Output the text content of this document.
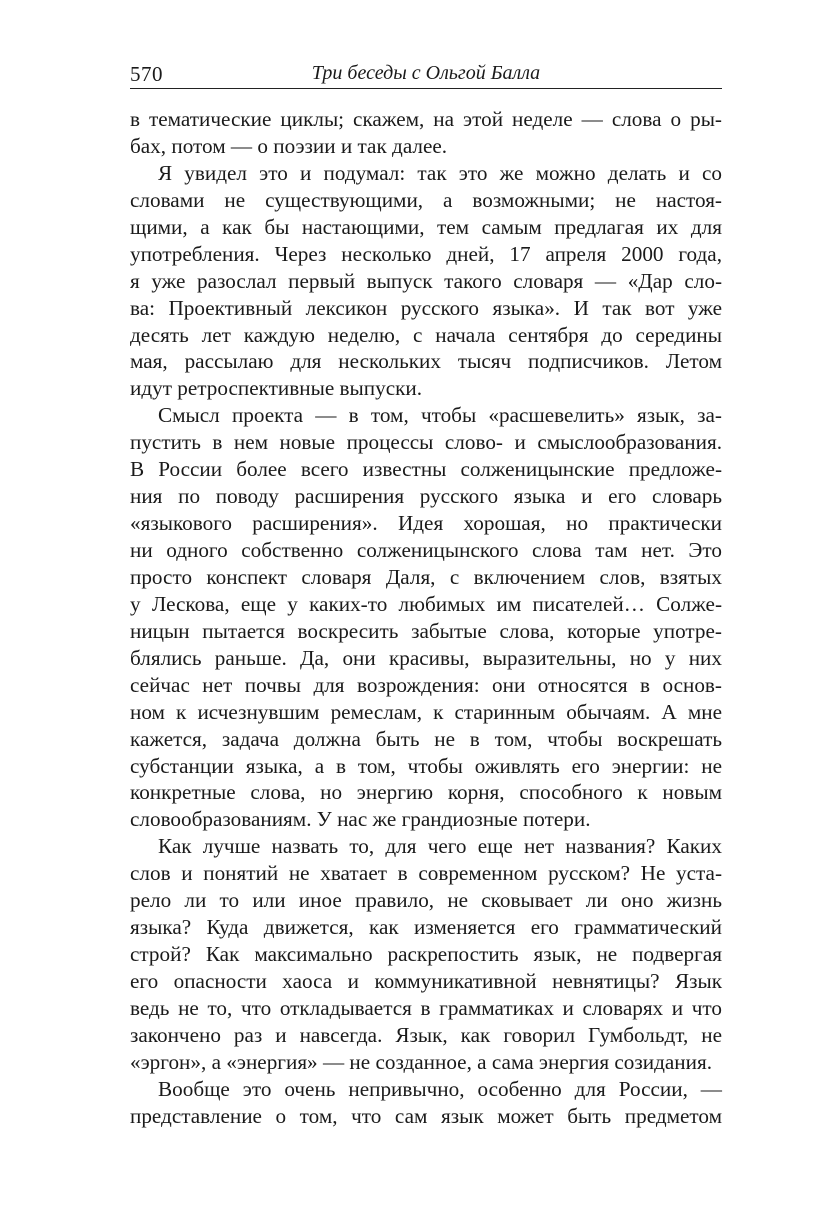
570	Три беседы с Ольгой Балла
в тематические циклы; скажем, на этой неделе — слова о ры-
бах, потом — о поэзии и так далее.
Я увидел это и подумал: так это же можно делать и со
словами не существующими, а возможными; не настоя-
щими, а как бы настающими, тем самым предлагая их для
употребления. Через несколько дней, 17 апреля 2000 года,
я уже разослал первый выпуск такого словаря — «Дар сло-
ва: Проективный лексикон русского языка». И так вот уже
десять лет каждую неделю, с начала сентября до середины
мая, рассылаю для нескольких тысяч подписчиков. Летом
идут ретроспективные выпуски.
Смысл проекта — в том, чтобы «расшевелить» язык, за-
пустить в нем новые процессы слово- и смыслообразования.
В России более всего известны солженицынские предложе-
ния по поводу расширения русского языка и его словарь
«языкового расширения». Идея хорошая, но практически
ни одного собственно солженицынского слова там нет. Это
просто конспект словаря Даля, с включением слов, взятых
у Лескова, еще у каких-то любимых им писателей… Солже-
ницын пытается воскресить забытые слова, которые употре-
блялись раньше. Да, они красивы, выразительны, но у них
сейчас нет почвы для возрождения: они относятся в основ-
ном к исчезнувшим ремеслам, к старинным обычаям. А мне
кажется, задача должна быть не в том, чтобы воскрешать
субстанции языка, а в том, чтобы оживлять его энергии: не
конкретные слова, но энергию корня, способного к новым
словообразованиям. У нас же грандиозные потери.
Как лучше назвать то, для чего еще нет названия? Каких
слов и понятий не хватает в современном русском? Не уста-
рело ли то или иное правило, не сковывает ли оно жизнь
языка? Куда движется, как изменяется его грамматический
строй? Как максимально раскрепостить язык, не подвергая
его опасности хаоса и коммуникативной невнятицы? Язык
ведь не то, что откладывается в грамматиках и словарях и что
закончено раз и навсегда. Язык, как говорил Гумбольдт, не
«эргон», а «энергия» — не созданное, а сама энергия созидания.
Вообще это очень непривычно, особенно для России, —
представление о том, что сам язык может быть предметом
